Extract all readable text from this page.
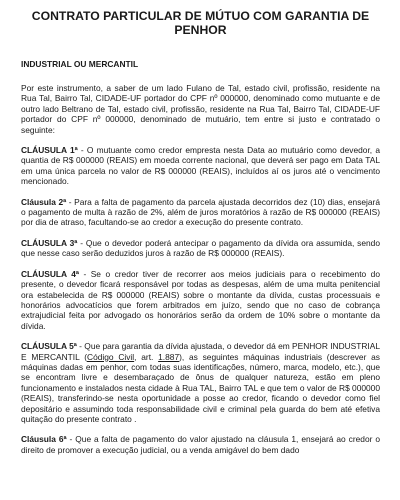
CONTRATO PARTICULAR DE MÚTUO COM GARANTIA DE PENHOR
INDUSTRIAL OU MERCANTIL

Por este instrumento, a saber de um lado Fulano de Tal, estado civil, profissão, residente na Rua Tal, Bairro Tal, CIDADE-UF portador do CPF nº 000000, denominado como mutuante e de outro lado Beltrano de Tal, estado civil, profissão, residente na Rua Tal, Bairro Tal, CIDADE-UF portador do CPF nº 000000, denominado de mutuário, tem entre si justo e contratado o seguinte:

CLÁUSULA 1ª - O mutuante como credor empresta nesta Data ao mutuário como devedor, a quantia de R$ 000000 (REAIS) em moeda corrente nacional, que deverá ser pago em Data TAL em uma única parcela no valor de R$ 000000 (REAIS), incluídos aí os juros até o vencimento mencionado.

Cláusula 2ª - Para a falta de pagamento da parcela ajustada decorridos dez (10) dias, ensejará o pagamento de multa à razão de 2%, além de juros moratórios à razão de R$ 000000 (REAIS) por dia de atraso, facultando-se ao credor a execução do presente contrato.

CLÁUSULA 3ª - Que o devedor poderá antecipar o pagamento da dívida ora assumida, sendo que nesse caso serão deduzidos juros à razão de R$ 000000 (REAIS).

CLÁUSULA 4ª - Se o credor tiver de recorrer aos meios judiciais para o recebimento do presente, o devedor ficará responsável por todas as despesas, além de uma multa penitencial ora estabelecida de R$ 000000 (REAIS) sobre o montante da dívida, custas processuais e honorários advocatícios que forem arbitrados em juízo, sendo que no caso de cobrança extrajudicial feita por advogado os honorários serão da ordem de 10% sobre o montante da dívida.

CLÁUSULA 5ª - Que para garantia da dívida ajustada, o devedor dá em PENHOR INDUSTRIAL E MERCANTIL (Código Civil, art. 1.887), as seguintes máquinas industriais (descrever as máquinas dadas em penhor, com todas suas identificações, número, marca, modelo, etc.), que se encontram livre e desembaraçado de ônus de qualquer natureza, estão em pleno funcionamento e instalados nesta cidade à Rua TAL, Bairro TAL e que tem o valor de R$ 000000 (REAIS), transferindo-se nesta oportunidade a posse ao credor, ficando o devedor como fiel depositário e assumindo toda responsabilidade civil e criminal pela guarda do bem até efetiva quitação do presente contrato .

Cláusula 6ª - Que a falta de pagamento do valor ajustado na cláusula 1, ensejará ao credor o direito de promover a execução judicial, ou a venda amigável do bem dado
